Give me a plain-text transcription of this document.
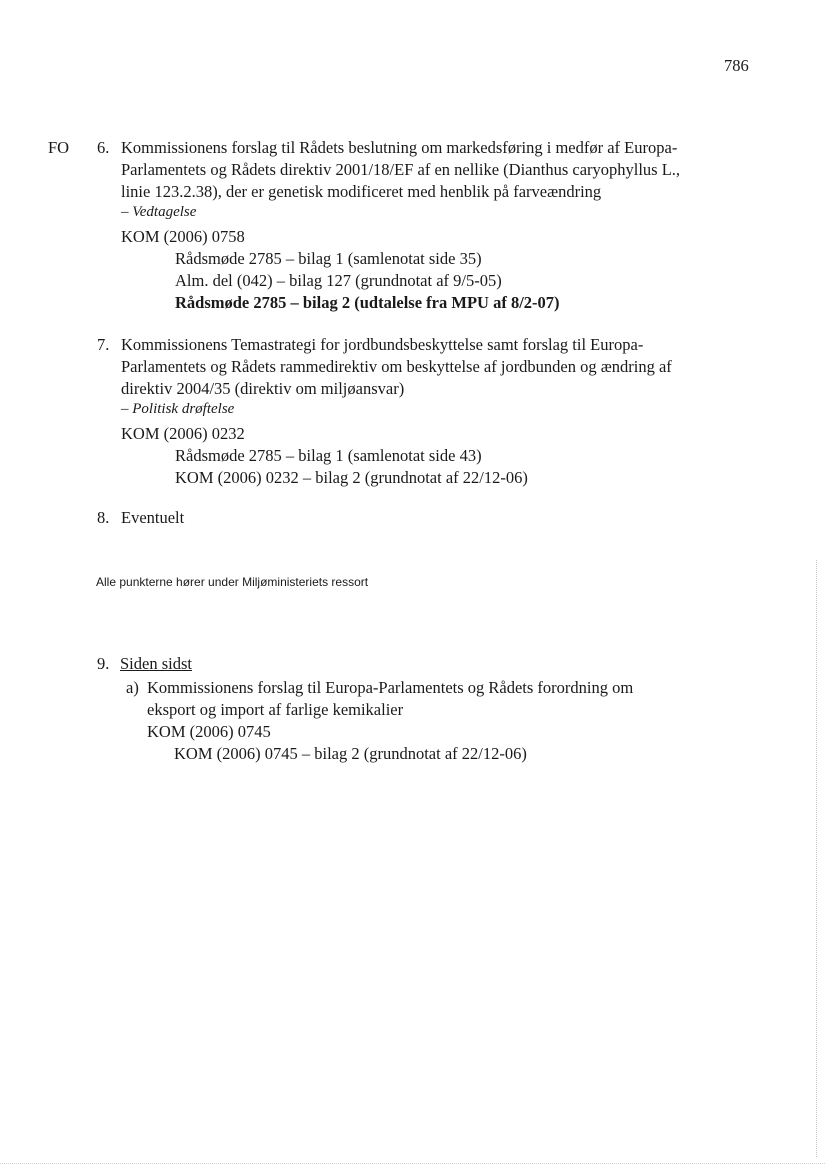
786
FO 6. Kommissionens forslag til Rådets beslutning om markedsføring i medfør af Europa-
Parlamentets og Rådets direktiv 2001/18/EF af en nellike (Dianthus caryophyllus L.,
linie 123.2.38), der er genetisk modificeret med henblik på farveændring
– Vedtagelse
KOM (2006) 0758
Rådsmøde 2785 – bilag 1 (samlenotat side 35)
Alm. del (042) – bilag 127 (grundnotat af 9/5-05)
Rådsmøde 2785 – bilag 2 (udtalelse fra MPU af 8/2-07)
7. Kommissionens Temastrategi for jordbundsbeskyttelse samt forslag til Europa-
Parlamentets og Rådets rammedirektiv om beskyttelse af jordbunden og ændring af
direktiv 2004/35 (direktiv om miljøansvar)
– Politisk drøftelse
KOM (2006) 0232
Rådsmøde 2785 – bilag 1 (samlenotat side 43)
KOM (2006) 0232 – bilag 2 (grundnotat af 22/12-06)
8. Eventuelt
Alle punkterne hører under Miljøministeriets ressort
9. Siden sidst
a) Kommissionens forslag til Europa-Parlamentets og Rådets forordning om
eksport og import af farlige kemikalier
KOM (2006) 0745
KOM (2006) 0745 – bilag 2 (grundnotat af 22/12-06)
